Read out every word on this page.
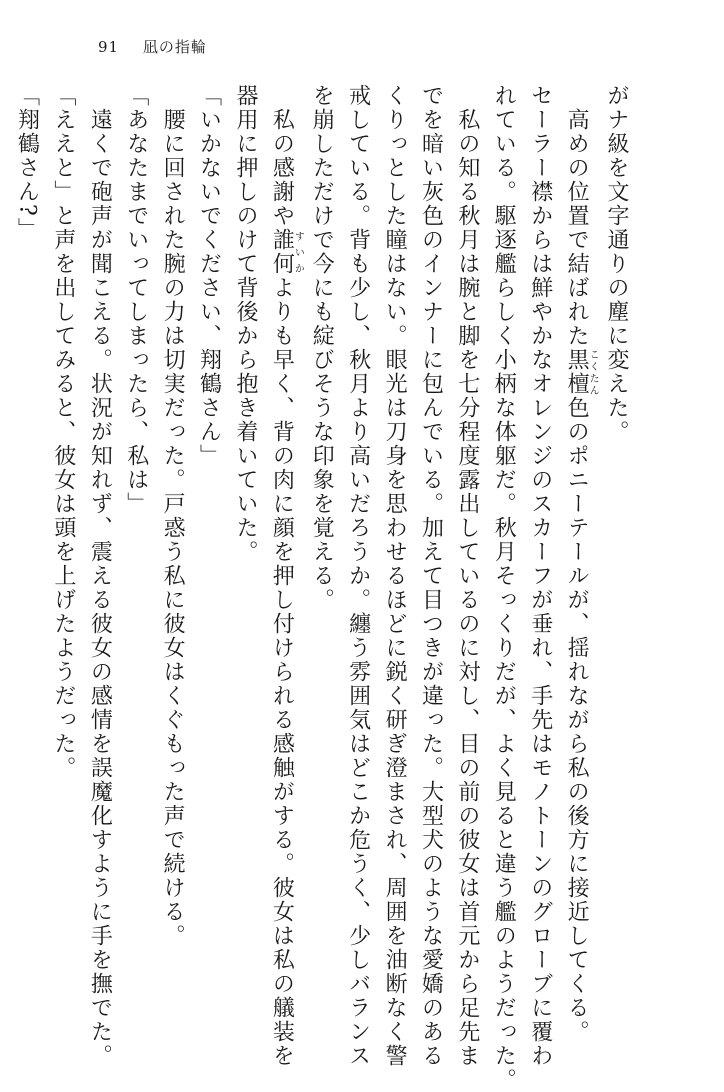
91 凪の指輪

がナ級を文字通りの塵に変えた。

　高めの位置で結ばれた黒檀こくたん色のポニーテールが、揺れながら私の後方に接近してくる。

セーラー襟からは鮮やかなオレンジのスカーフが垂れ、手先はモノトーンのグローブに覆わ

れている。駆逐艦らしく小柄な体躯だ。秋月そっくりだが、よく見ると違う艦のようだった。

　私の知る秋月は腕と脚を七分程度露出しているのに対し、目の前の彼女は首元から足先ま

でを暗い灰色のインナーに包んでいる。加えて目つきが違った。大型犬のような愛嬌のある

くりっとした瞳はない。眼光は刀身を思わせるほどに鋭く研ぎ澄まされ、周囲を油断なく警

戒している。背も少し、秋月より高いだろうか。纏う雰囲気はどこか危うく、少しバランス

を崩しただけで今にも綻びそうな印象を覚える。

　私の感謝や誰何すいかよりも早く、背の肉に顔を押し付けられる感触がする。彼女は私の艤装を

器用に押しのけて背後から抱き着いていた。

「いかないでください、翔鶴さん」

　腰に回された腕の力は切実だった。戸惑う私に彼女はくぐもった声で続ける。

「あなたまでいってしまったら、私は」

　遠くで砲声が聞こえる。状況が知れず、震える彼女の感情を誤魔化すように手を撫でた。

「ええと」と声を出してみると、彼女は頭を上げたようだった。

「翔鶴さん?」
